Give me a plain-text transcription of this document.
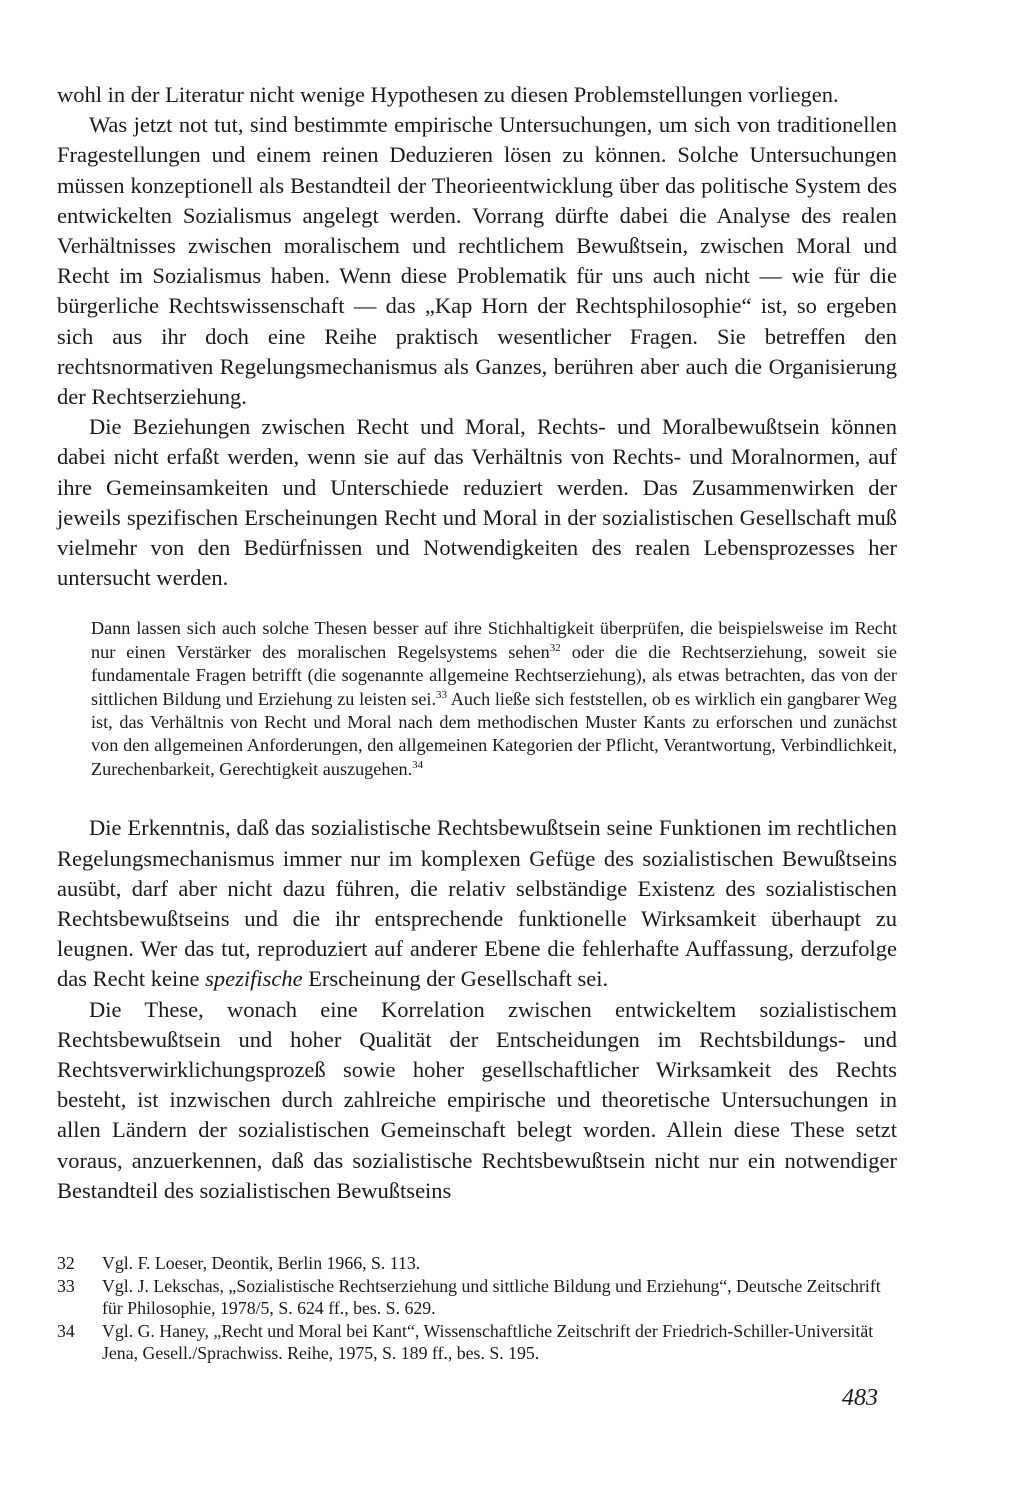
wohl in der Literatur nicht wenige Hypothesen zu diesen Problemstellungen vorliegen.

Was jetzt not tut, sind bestimmte empirische Untersuchungen, um sich von traditionellen Fragestellungen und einem reinen Deduzieren lösen zu können. Solche Untersuchungen müssen konzeptionell als Bestandteil der Theorieentwicklung über das politische System des entwickelten Sozialismus angelegt werden. Vorrang dürfte dabei die Analyse des realen Verhältnisses zwischen moralischem und rechtlichem Bewußtsein, zwischen Moral und Recht im Sozialismus haben. Wenn diese Problematik für uns auch nicht — wie für die bürgerliche Rechtswissenschaft — das „Kap Horn der Rechtsphilosophie“ ist, so ergeben sich aus ihr doch eine Reihe praktisch wesentlicher Fragen. Sie betreffen den rechtsnormativen Regelungsmechanismus als Ganzes, berühren aber auch die Organisierung der Rechtserziehung.

Die Beziehungen zwischen Recht und Moral, Rechts- und Moralbewußtsein können dabei nicht erfaßt werden, wenn sie auf das Verhältnis von Rechts- und Moralnormen, auf ihre Gemeinsamkeiten und Unterschiede reduziert werden. Das Zusammenwirken der jeweils spezifischen Erscheinungen Recht und Moral in der sozialistischen Gesellschaft muß vielmehr von den Bedürfnissen und Notwendigkeiten des realen Lebensprozesses her untersucht werden.

Dann lassen sich auch solche Thesen besser auf ihre Stichhaltigkeit überprüfen, die beispielsweise im Recht nur einen Verstärker des moralischen Regelsystems sehen$^{32}$ oder die die Rechtserziehung, soweit sie fundamentale Fragen betrifft (die sogenannte allgemeine Rechtserziehung), als etwas betrachten, das von der sittlichen Bildung und Erziehung zu leisten sei.$^{33}$ Auch ließe sich feststellen, ob es wirklich ein gangbarer Weg ist, das Verhältnis von Recht und Moral nach dem methodischen Muster Kants zu erforschen und zunächst von den allgemeinen Anforderungen, den allgemeinen Kategorien der Pflicht, Verantwortung, Verbindlichkeit, Zurechenbarkeit, Gerechtigkeit auszugehen.$^{34}$

Die Erkenntnis, daß das sozialistische Rechtsbewußtsein seine Funktionen im rechtlichen Regelungsmechanismus immer nur im komplexen Gefüge des sozialistischen Bewußtseins ausübt, darf aber nicht dazu führen, die relativ selbständige Existenz des sozialistischen Rechtsbewußtseins und die ihr entsprechende funktionelle Wirksamkeit überhaupt zu leugnen. Wer das tut, reproduziert auf anderer Ebene die fehlerhafte Auffassung, derzufolge das Recht keine spezifische Erscheinung der Gesellschaft sei.

Die These, wonach eine Korrelation zwischen entwickeltem sozialistischem Rechtsbewußtsein und hoher Qualität der Entscheidungen im Rechtsbildungs- und Rechtsverwirklichungsprozeß sowie hoher gesellschaftlicher Wirksamkeit des Rechts besteht, ist inzwischen durch zahlreiche empirische und theoretische Untersuchungen in allen Ländern der sozialistischen Gemeinschaft belegt worden. Allein diese These setzt voraus, anzuerkennen, daß das sozialistische Rechtsbewußtsein nicht nur ein notwendiger Bestandteil des sozialistischen Bewußtseins

32	Vgl. F. Loeser, Deontik, Berlin 1966, S. 113.
33	Vgl. J. Lekschas, „Sozialistische Rechtserziehung und sittliche Bildung und Erziehung“, Deutsche Zeitschrift für Philosophie, 1978/5, S. 624 ff., bes. S. 629.
34	Vgl. G. Haney, „Recht und Moral bei Kant“, Wissenschaftliche Zeitschrift der Friedrich-Schiller-Universität Jena, Gesell./Sprachwiss. Reihe, 1975, S. 189 ff., bes. S. 195.
483
